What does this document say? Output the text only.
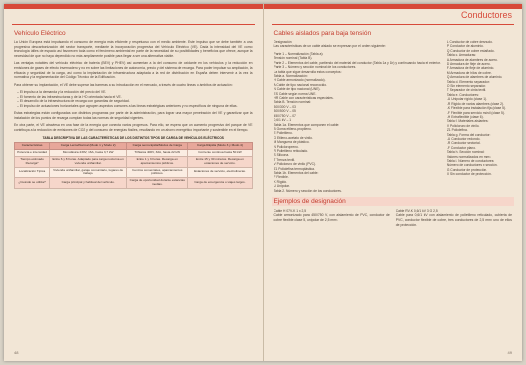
Vehículo Eléctrico

La Unión Europea está impulsando el consumo de energía más eficiente y respetuoso con el medio ambiente. Este impulso que se debe también a una progresiva descarbonización del sector transporte, mediante la incorporación progresiva del Vehículo Eléctrico (VE). Dada la intensidad del VE como tecnología útiles de espacio así favorecen toda como el fenómeno ambiental en parte de la necesidad de su posibilidades y beneficios que ofrece, aunque la necesidad de que no haya dependido no más ampliamente posible para llegar a ser una alternativa viable.

Las ventajas notables del vehículo eléctrico de batería (BEV) y PHEV) así aumentan a la del consumo de oxidante en los vehículos y la reducción en emisiones de gases de efecto invernadero y no en sobre las limitaciones de autonomía, precio y del sistema de recarga. Para poder impulsar su ampliación, la eficacia y seguridad de la carga, así como la implantación de infraestructura adaptada a la red de distribución en España deben intervenir a la vez la normativa y la reglamentación del Código Técnico de la Edificación.

Para obtener su implantación, el VE debe superar las barreras a su introducción en el mercado, a través de cuatro líneas o ámbitos de actuación:

– El impulso a la demanda y la reducción del precio del VE.

– El fomento de las infraestructuras y de la I+D orientada hacia el VE.

– El desarrollo de la infraestructura de recarga con garantías de seguridad.

– El impulso de actuaciones horizontales que agrupen aspectos comunes a las líneas estratégicas anteriores y no específicos de ninguna de ellas.

Estas estrategias están configuradas con distintos programas por parte de la administración, para lograr una mayor penetración del VE y garantizar que la instalación de los puntos de recarga cumplan todas las normas de seguridad vigentes.

En otra parte, el VE atraviesa en una fase de la energía que conecta varios progresos. Para ello, se espera que un aumento progresivo del parque de VE contribuya a la reducción de emisiones de CO2 y del consumo de energías fósiles, resultando en un ahorro energético importante y sostenible en el tiempo.

TABLA DESCRIPTIVA DE LAS CARACTERÍSTICAS DE LOS DISTINTOS TIPOS DE CARGA DE VEHÍCULOS ELÉCTRICOS
Características	Carga Lenta/Normal (Modo 1 y Modo 2)	Carga semi-rápida/Modos de Carga	Carga Rápida (Modo 3 y Modo 4)
Potencia e intensidad	Monofásica 230V, 16A, hasta 3,7 kW	Trifásica 400V, 32A, hasta 22 kW	Corriente continua hasta 50 kW
Tiempo estimado Recarga*	Entre 6 y 8 horas. Adaptado para carga nocturna en vivienda unifamiliar.	Entre 1 y 3 horas. Recarga en aparcamientos públicos.	Entre 15 y 30 minutos. Recarga en estaciones de servicio.
Localización Típica	Vivienda unifamiliar, garaje comunitario, lugares de trabajo.	Centros comerciales, aparcamientos públicos.	Estaciones de servicio, electrolineras.
¿Cuándo se utiliza?	Carga principal y habitual del vehículo.	Carga de oportunidad durante estancias medias.	Carga de emergencia o viajes largos.
48
Conductores
Cables aislados para baja tensión
Designación

Las características de un cable aislado se expresan por el orden siguiente:

Parte 1 – Normalización (Tabla a):
Tensión nominal (Tabla B).
Parte 2 – Elementos del cable, partiendo del material del conductor (Tabla 1a y 1b) y continuando hacia el exterior.
Parte 3 – Número y sección nominal de los conductores.
La tabla que sigue desarrolla estos conceptos:
Tabla a. Normalización:
H Cable armonizado (normalizado).
A Cable de tipo nacional reconocido.
N Cable de tipo nacional (UNE).
ES Cable según norma UNE.
HR Cable con características especiales.
Tabla B. Tensión nominal:
300/300 V – 03
300/500 V – 05
450/750 V – 07
0,6/1 kV – 1
Tabla 1a. Elementos que componen el cable:
B Goma etileno-propileno.
E Polietileno.
G Etileno-acetato de vinilo.
M Manguera de plástico.
N Policloropreno.
R Polietileno reticulado.
S Silicona.
T Trenza textil.
V Policloruro de vinilo (PVC).
Z1 Poliolefina termoplástica.
Tabla 1b. Elementos del cable:
F Flexible.
K Rígido.
U Unipolar.
Tabla 2. Número y sección de los conductores.
L Conductor de cobre desnudo.
P Conductor de aluminio.
Q Conductor de cobre estañado.
Tabla c. Armaduras:
A Armadura de alambres de acero.
D Armadura de fleje de acero.
F Armadura de fleje de aluminio.
M Armadura de hilos de cobre.
Q Armadura de alambres de aluminio.
Tabla d. Elemento separador:
O Sin elemento separador.
T Separador de cinta textil.
Tabla e. Conductores:
-U Unipolar rígido (clase 1).
-R Rígido de varios alambres (clase 2).
-K Flexible para instalación fija (clase 5).
-F Flexible para servicio móvil (clase 5).
-H Extraflexible (clase 6).
Tabla f. Materiales aislantes:
V Policloruro de vinilo.
Z1 Poliolefina.
Tabla g. Forma del conductor:
-U Conductor redondo.
-R Conductor sectorial.
-F Conductor plano.
Tabla h. Sección nominal:
Valores normalizados en mm².
Tabla i. Número de conductores:
Número de conductores x sección.
G Conductor de protección.
X Sin conductor de protección.
Ejemplos de designación
Cable H 07V-K 1 x 2,5

Cable armonizado para 450/750 V, con aislamiento de PVC, conductor de cobre flexible clase 5, unipolar de 2,5 mm².

Cable RV-K 0,6/1 kV 3 G 2,5

Cable para 0,6/1 kV con aislamiento de polietileno reticulado, cubierta de PVC, conductor flexible de cobre, tres conductores de 2,5 mm² uno de ellos de protección.

49
